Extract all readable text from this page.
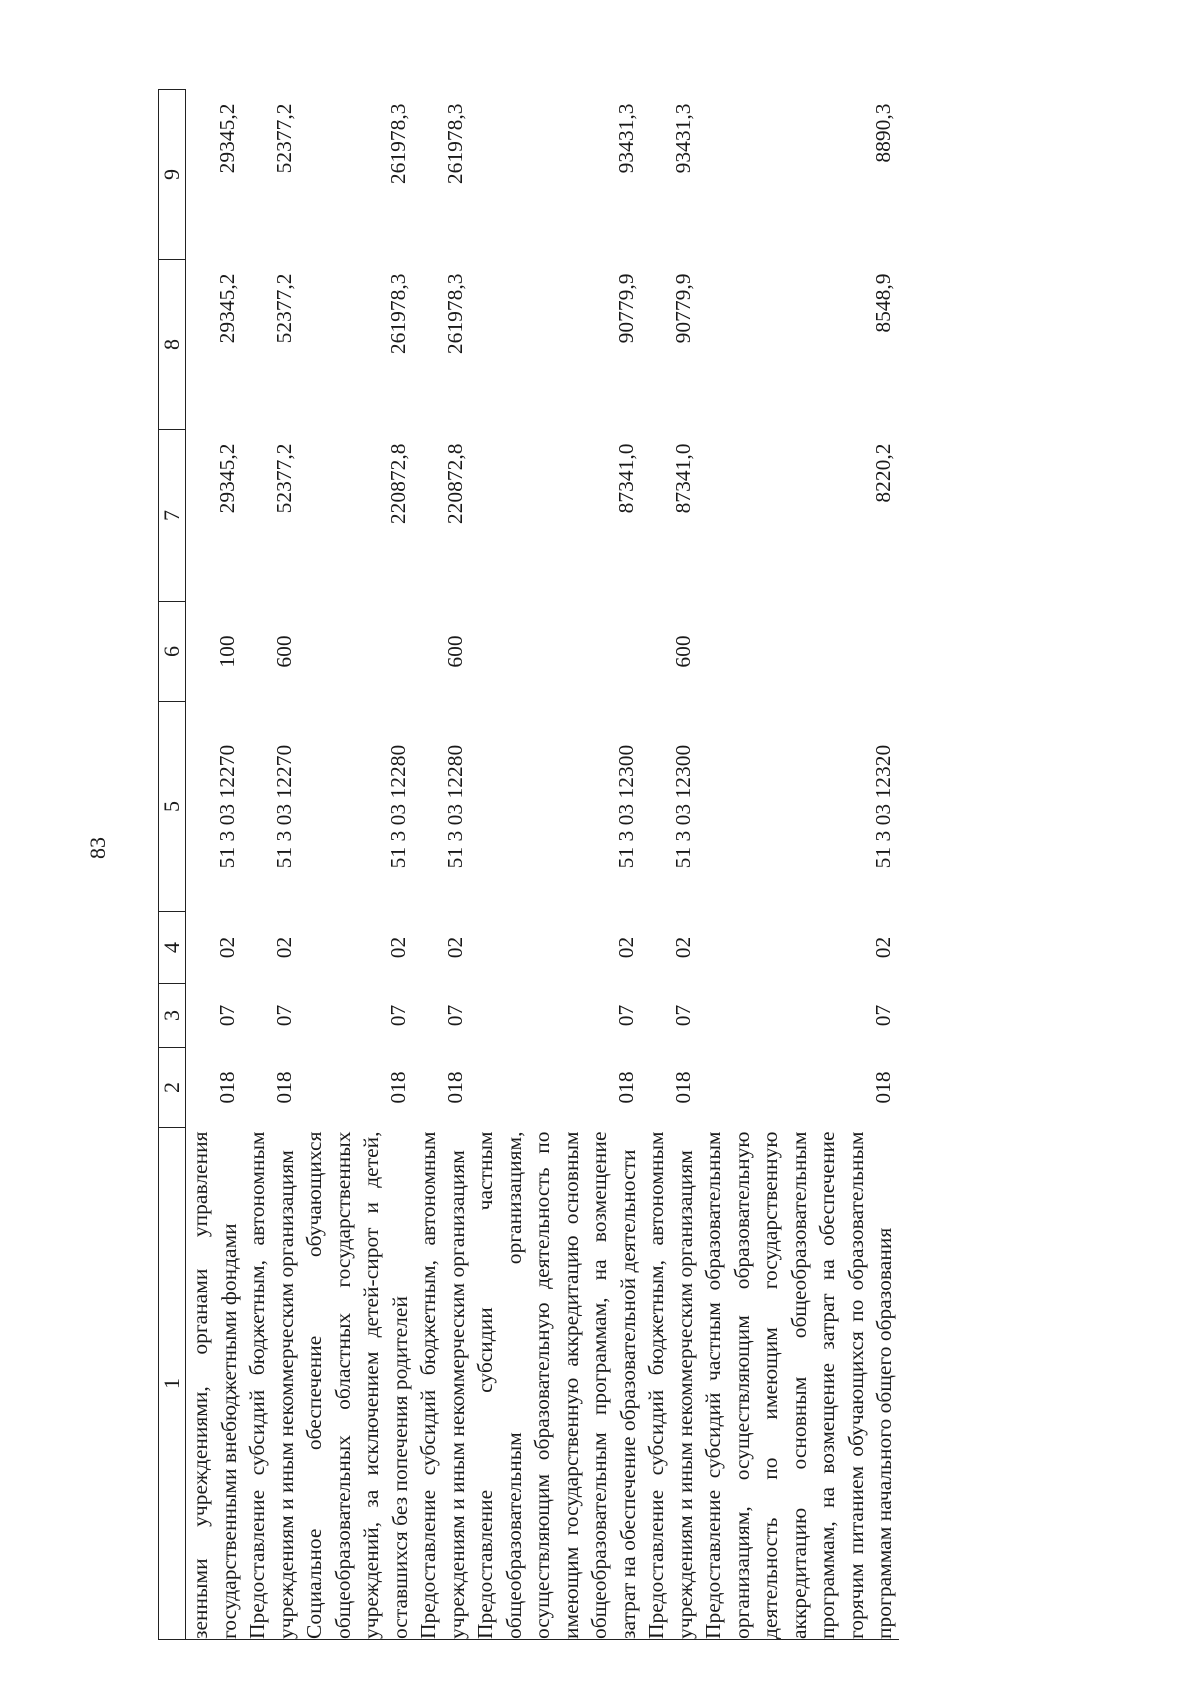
83
1	2	3	4	5	6	7	8	9
зенными учреждениями, органами управления государственными внебюджетными фондами	018	07	02	51 3 03 12270	100	29345,2	29345,2	29345,2
Предоставление субсидий бюджетным, автономным учреждениям и иным некоммерческим организациям	018	07	02	51 3 03 12270	600	52377,2	52377,2	52377,2
Социальное обеспечение обучающихся общеобразовательных областных государственных учреждений, за исключением детей-сирот и детей, оставшихся без попечения родителей	018	07	02	51 3 03 12280		220872,8	261978,3	261978,3
Предоставление субсидий бюджетным, автономным учреждениям и иным некоммерческим организациям	018	07	02	51 3 03 12280	600	220872,8	261978,3	261978,3
Предоставление субсидии частным общеобразовательным организациям, осуществляющим образовательную деятельность по имеющим государственную аккредитацию основным общеобразовательным программам, на возмещение затрат на обеспечение образовательной деятельности	018	07	02	51 3 03 12300		87341,0	90779,9	93431,3
Предоставление субсидий бюджетным, автономным учреждениям и иным некоммерческим организациям	018	07	02	51 3 03 12300	600	87341,0	90779,9	93431,3
Предоставление субсидий частным образовательным организациям, осуществляющим образовательную деятельность по имеющим государственную аккредитацию основным общеобразовательным программам, на возмещение затрат на обеспечение горячим питанием обучающихся по образовательным программам начального общего образования	018	07	02	51 3 03 12320		8220,2	8548,9	8890,3
